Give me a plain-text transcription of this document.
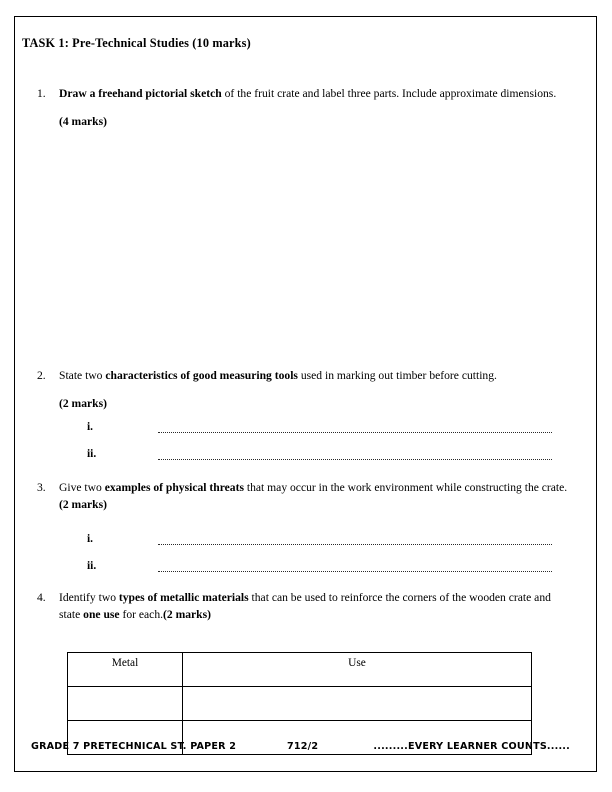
TASK 1: Pre-Technical Studies (10 marks)
1.	Draw a freehand pictorial sketch of the fruit crate and label three parts. Include approximate dimensions.
(4 marks)
2.	State two characteristics of good measuring tools used in marking out timber before cutting.
(2 marks)
i.
ii.
3.	Give two examples of physical threats that may occur in the work environment while constructing the crate.(2 marks)
i.
ii.
4.	Identify two types of metallic materials that can be used to reinforce the corners of the wooden crate and state one use for each.(2 marks)
Metal	Use

GRADE 7 PRETECHNICAL ST. PAPER 2	712/2	.........EVERY LEARNER COUNTS......
